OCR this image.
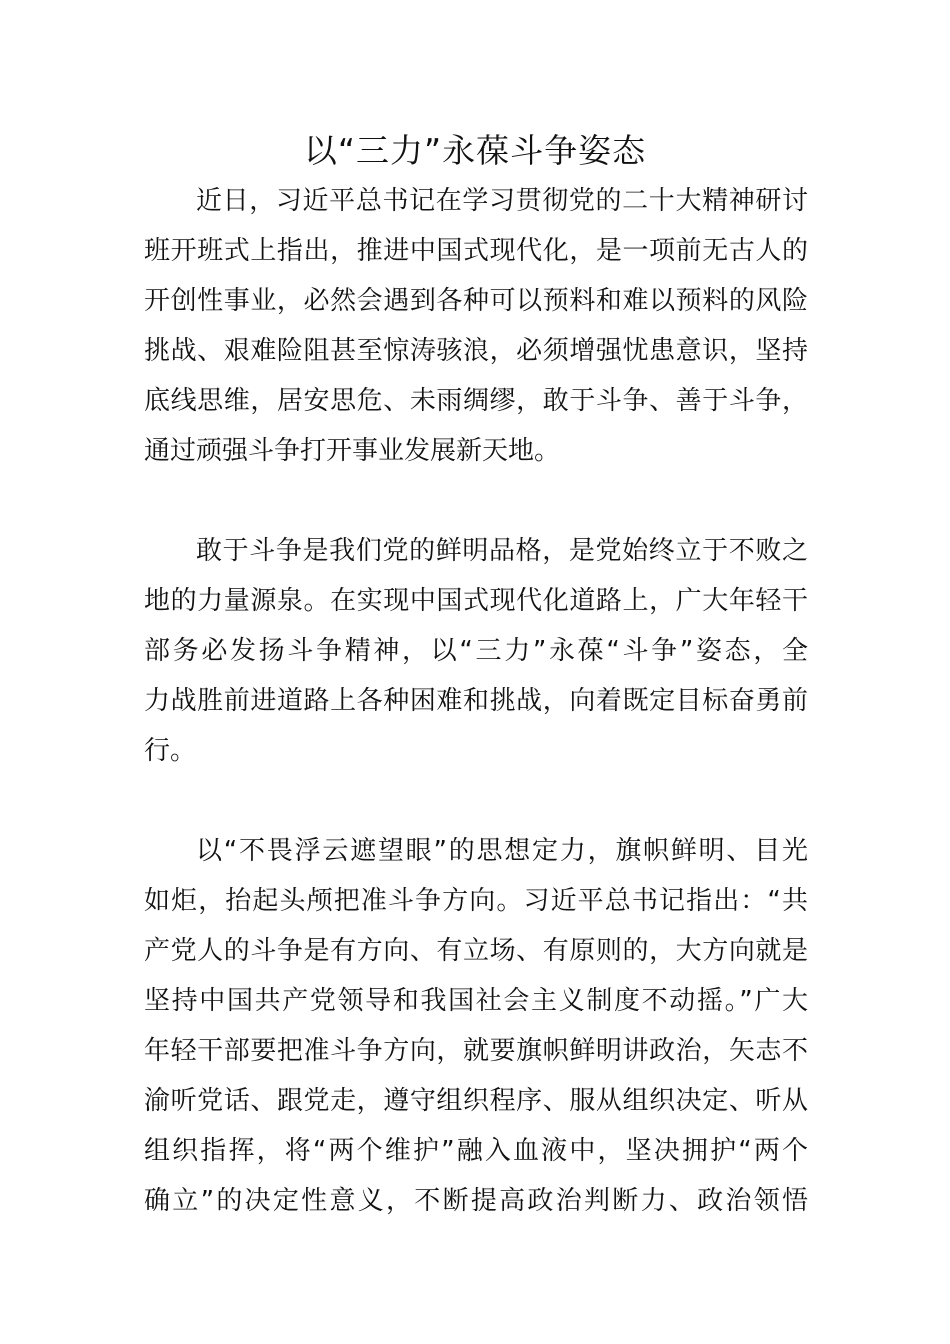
以“三力”永葆斗争姿态

近日，习近平总书记在学习贯彻党的二十大精神研讨

班开班式上指出，推进中国式现代化，是一项前无古人的

开创性事业，必然会遇到各种可以预料和难以预料的风险

挑战、艰难险阻甚至惊涛骇浪，必须增强忧患意识，坚持

底线思维，居安思危、未雨绸缪，敢于斗争、善于斗争，

通过顽强斗争打开事业发展新天地。

敢于斗争是我们党的鲜明品格，是党始终立于不败之

地的力量源泉。在实现中国式现代化道路上，广大年轻干

部务必发扬斗争精神，以“三力”永葆“斗争”姿态，全

力战胜前进道路上各种困难和挑战，向着既定目标奋勇前

行。

以“不畏浮云遮望眼”的思想定力，旗帜鲜明、目光

如炬，抬起头颅把准斗争方向。习近平总书记指出：“共

产党人的斗争是有方向、有立场、有原则的，大方向就是

坚持中国共产党领导和我国社会主义制度不动摇。”广大

年轻干部要把准斗争方向，就要旗帜鲜明讲政治，矢志不

渝听党话、跟党走，遵守组织程序、服从组织决定、听从

组织指挥，将“两个维护”融入血液中，坚决拥护“两个

确立”的决定性意义，不断提高政治判断力、政治领悟
